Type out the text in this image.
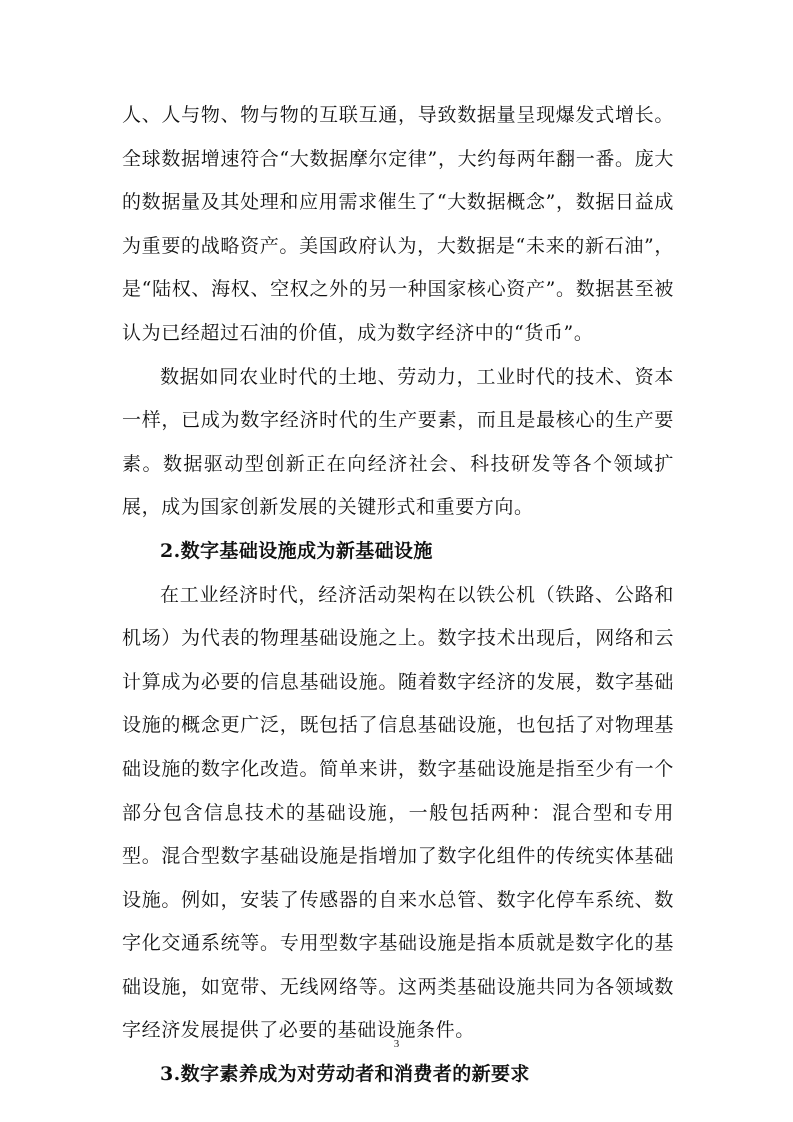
人、人与物、物与物的互联互通，导致数据量呈现爆发式增长。全球数据增速符合“大数据摩尔定律”，大约每两年翻一番。庞大的数据量及其处理和应用需求催生了“大数据概念”，数据日益成为重要的战略资产。美国政府认为，大数据是“未来的新石油”，是“陆权、海权、空权之外的另一种国家核心资产”。数据甚至被认为已经超过石油的价值，成为数字经济中的“货币”。

数据如同农业时代的土地、劳动力，工业时代的技术、资本一样，已成为数字经济时代的生产要素，而且是最核心的生产要素。数据驱动型创新正在向经济社会、科技研发等各个领域扩展，成为国家创新发展的关键形式和重要方向。

2.数字基础设施成为新基础设施

在工业经济时代，经济活动架构在以铁公机（铁路、公路和机场）为代表的物理基础设施之上。数字技术出现后，网络和云计算成为必要的信息基础设施。随着数字经济的发展，数字基础设施的概念更广泛，既包括了信息基础设施，也包括了对物理基础设施的数字化改造。简单来讲，数字基础设施是指至少有一个部分包含信息技术的基础设施，一般包括两种：混合型和专用型。混合型数字基础设施是指增加了数字化组件的传统实体基础设施。例如，安装了传感器的自来水总管、数字化停车系统、数字化交通系统等。专用型数字基础设施是指本质就是数字化的基础设施，如宽带、无线网络等。这两类基础设施共同为各领域数字经济发展提供了必要的基础设施条件。

3.数字素养成为对劳动者和消费者的新要求

3
